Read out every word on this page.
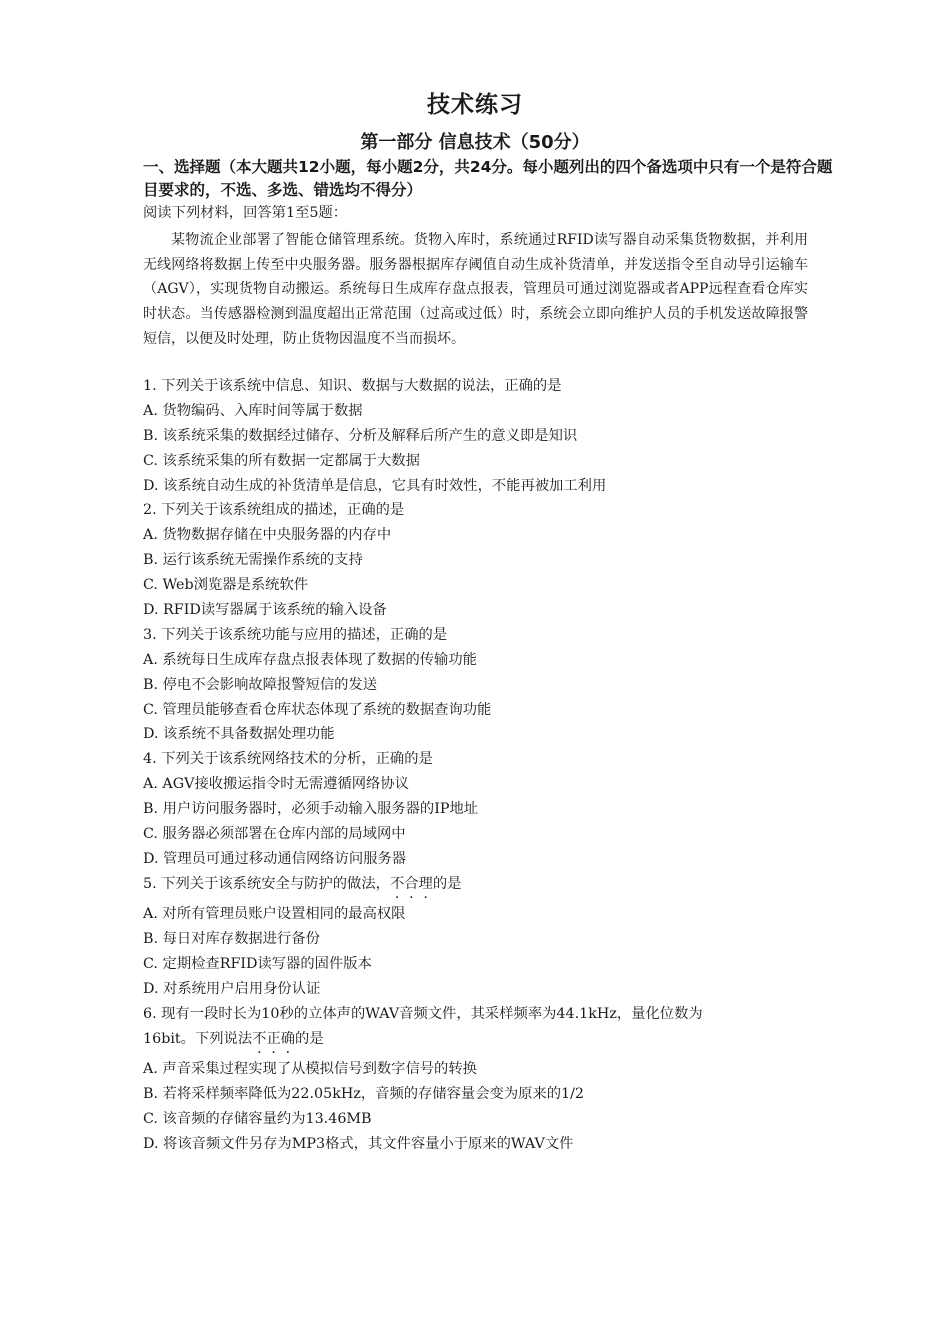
技术练习
第一部分 信息技术（50分）
一、选择题（本大题共12小题，每小题2分，共24分。每小题列出的四个备选项中只有一个是符合题目要求的，不选、多选、错选均不得分）
阅读下列材料，回答第1至5题：
某物流企业部署了智能仓储管理系统。货物入库时，系统通过RFID读写器自动采集货物数据，并利用无线网络将数据上传至中央服务器。服务器根据库存阈值自动生成补货清单，并发送指令至自动导引运输车（AGV），实现货物自动搬运。系统每日生成库存盘点报表，管理员可通过浏览器或者APP远程查看仓库实时状态。当传感器检测到温度超出正常范围（过高或过低）时，系统会立即向维护人员的手机发送故障报警短信，以便及时处理，防止货物因温度不当而损坏。
1. 下列关于该系统中信息、知识、数据与大数据的说法，正确的是
A. 货物编码、入库时间等属于数据
B. 该系统采集的数据经过储存、分析及解释后所产生的意义即是知识
C. 该系统采集的所有数据一定都属于大数据
D. 该系统自动生成的补货清单是信息，它具有时效性，不能再被加工利用
2. 下列关于该系统组成的描述，正确的是
A. 货物数据存储在中央服务器的内存中
B. 运行该系统无需操作系统的支持
C. Web浏览器是系统软件
D. RFID读写器属于该系统的输入设备
3. 下列关于该系统功能与应用的描述，正确的是
A. 系统每日生成库存盘点报表体现了数据的传输功能
B. 停电不会影响故障报警短信的发送
C. 管理员能够查看仓库状态体现了系统的数据查询功能
D. 该系统不具备数据处理功能
4. 下列关于该系统网络技术的分析，正确的是
A. AGV接收搬运指令时无需遵循网络协议
B. 用户访问服务器时，必须手动输入服务器的IP地址
C. 服务器必须部署在仓库内部的局域网中
D. 管理员可通过移动通信网络访问服务器
5. 下列关于该系统安全与防护的做法，不合理的是
A. 对所有管理员账户设置相同的最高权限
B. 每日对库存数据进行备份
C. 定期检查RFID读写器的固件版本
D. 对系统用户启用身份认证
6. 现有一段时长为10秒的立体声的WAV音频文件，其采样频率为44.1kHz，量化位数为
16bit。下列说法不正确的是
A. 声音采集过程实现了从模拟信号到数字信号的转换
B. 若将采样频率降低为22.05kHz，音频的存储容量会变为原来的1/2
C. 该音频的存储容量约为13.46MB
D. 将该音频文件另存为MP3格式，其文件容量小于原来的WAV文件
